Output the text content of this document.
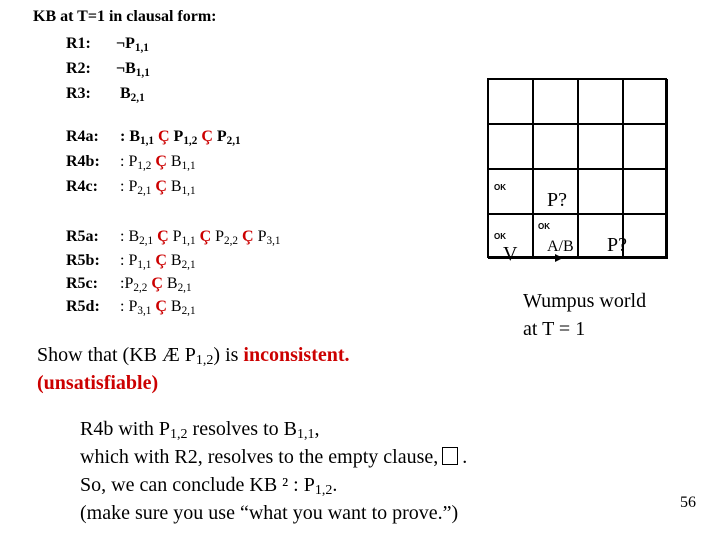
KB at T=1 in clausal form:
R1: $\neg P_{1,1}$
R2: $\neg B_{1,1}$
R3: $B_{2,1}$
R4a: : $B_{1,1}$ Ç $P_{1,2}$ Ç $P_{2,1}$
R4b: : $P_{1,2}$ Ç $B_{1,1}$
R4c: : $P_{2,1}$ Ç $B_{1,1}$
R5a: : $B_{2,1}$ Ç $P_{1,1}$ Ç $P_{2,2}$ Ç $P_{3,1}$
R5b: : $P_{1,1}$ Ç $B_{2,1}$
R5c: $:P_{2,2}$ Ç $B_{2,1}$
R5d: : $P_{3,1}$ Ç $B_{2,1}$
OK
OK
OK
P?
V A/B P?
Wumpus world
at T = 1
Show that (KB Æ $P_{1,2}$) is inconsistent.
(unsatisfiable)
R4b with $P_{1,2}$ resolves to $B_{1,1}$,
which with R2, resolves to the empty clause, .
So, we can conclude KB ² : $P_{1,2}$.
(make sure you use “what you want to prove.”)	56
